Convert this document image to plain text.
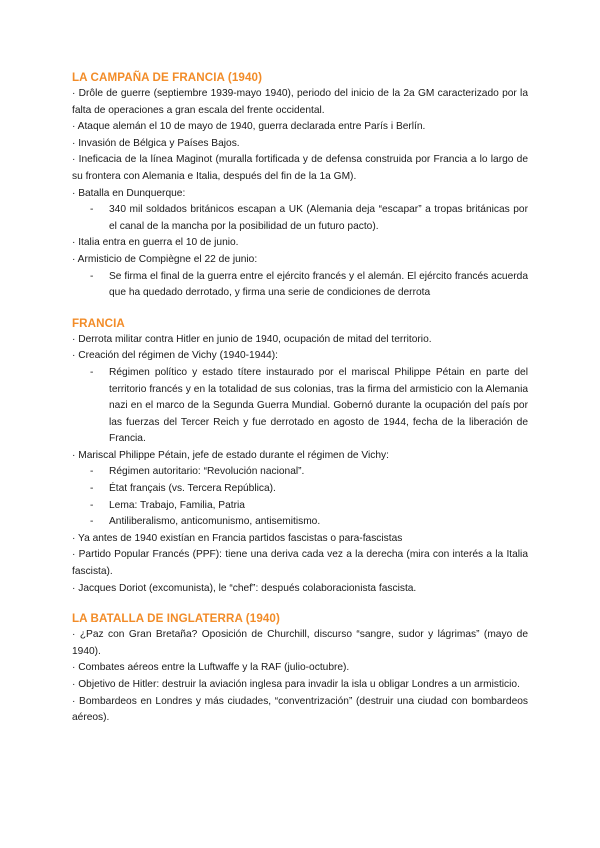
LA CAMPAÑA DE FRANCIA (1940)

· Drôle de guerre (septiembre 1939-mayo 1940), periodo del inicio de la 2a GM caracterizado por la falta de operaciones a gran escala del frente occidental.

· Ataque alemán el 10 de mayo de 1940, guerra declarada entre París i Berlín.

· Invasión de Bélgica y Países Bajos.

· Ineficacia de la línea Maginot (muralla fortificada y de defensa construida por Francia a lo largo de su frontera con Alemania e Italia, después del fin de la 1a GM).

· Batalla en Dunquerque:

- 340 mil soldados británicos escapan a UK (Alemania deja “escapar” a tropas británicas por el canal de la mancha por la posibilidad de un futuro pacto).

· Italia entra en guerra el 10 de junio.

· Armisticio de Compiègne el 22 de junio:

- Se firma el final de la guerra entre el ejército francés y el alemán. El ejército francés acuerda que ha quedado derrotado, y firma una serie de condiciones de derrota
FRANCIA

· Derrota militar contra Hitler en junio de 1940, ocupación de mitad del territorio.

· Creación del régimen de Vichy (1940-1944):

- Régimen político y estado títere instaurado por el mariscal Philippe Pétain en parte del territorio francés y en la totalidad de sus colonias, tras la firma del armisticio con la Alemania nazi en el marco de la Segunda Guerra Mundial. Gobernó durante la ocupación del país por las fuerzas del Tercer Reich y fue derrotado en agosto de 1944, fecha de la liberación de Francia.

· Mariscal Philippe Pétain, jefe de estado durante el régimen de Vichy:

- Régimen autoritario: “Revolución nacional”.
- État français (vs. Tercera República).
- Lema: Trabajo, Familia, Patria
- Antiliberalismo, anticomunismo, antisemitismo.

· Ya antes de 1940 existían en Francia partidos fascistas o para-fascistas

· Partido Popular Francés (PPF): tiene una deriva cada vez a la derecha (mira con interés a la Italia fascista).

· Jacques Doriot (excomunista), le “chef”: después colaboracionista fascista.

LA BATALLA DE INGLATERRA (1940)

· ¿Paz con Gran Bretaña? Oposición de Churchill, discurso “sangre, sudor y lágrimas” (mayo de 1940).

· Combates aéreos entre la Luftwaffe y la RAF (julio-octubre).

· Objetivo de Hitler: destruir la aviación inglesa para invadir la isla u obligar Londres a un armisticio.

· Bombardeos en Londres y más ciudades, “conventrización” (destruir una ciudad con bombardeos aéreos).
